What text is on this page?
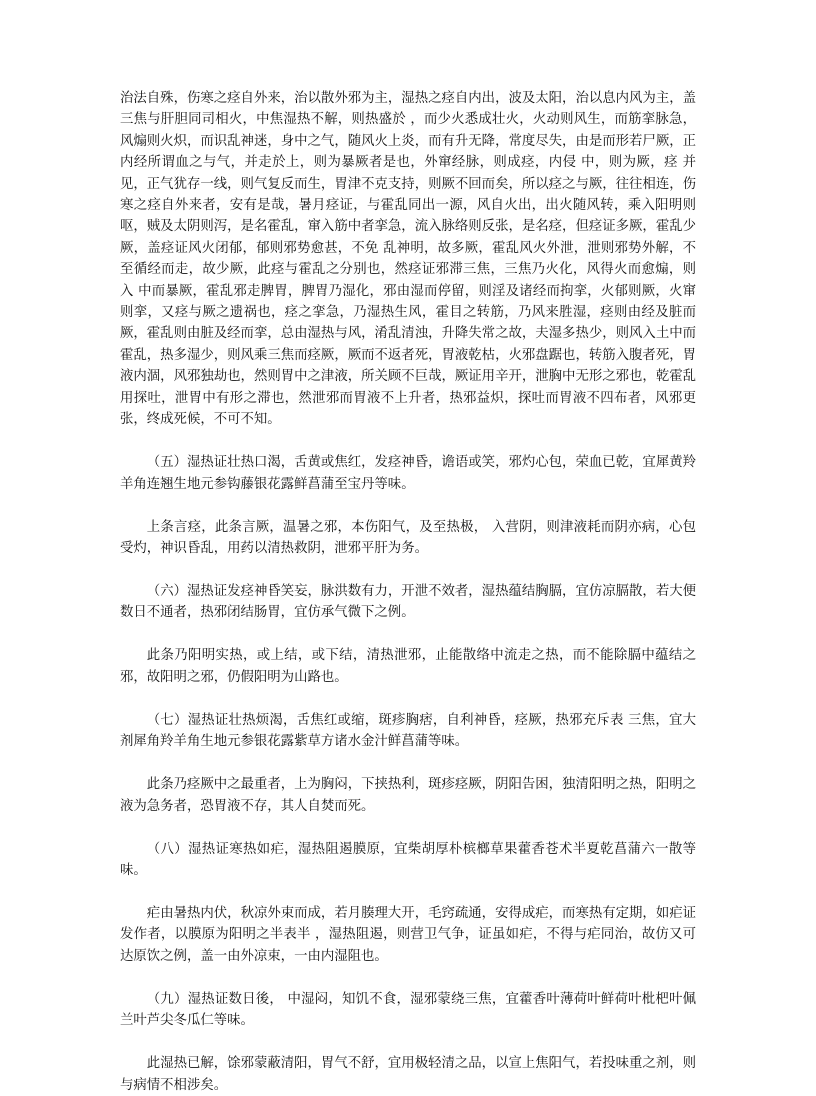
治法自殊，伤寒之痉自外来，治以散外邪为主，湿热之痉自内出，波及太阳，治以息内风为主，盖三焦与肝胆同司相火，中焦湿热不解，则热盛於 ，而少火悉成壮火，火动则风生，而筋挛脉急，风煽则火炽，而识乱神迷，身中之气，随风火上炎，而有升无降，常度尽失，由是而形若尸厥，正内经所谓血之与气，并走於上，则为暴厥者是也，外窜经脉，则成痉，内侵 中，则为厥，痉 并见，正气犹存一线，则气复反而生，胃津不克支持，则厥不回而矣，所以痉之与厥，往往相连，伤寒之痉自外来者，安有是哉，暑月痉证，与霍乱同出一源，风自火出，出火随风转，乘入阳明则呕，贼及太阴则泻，是名霍乱，窜入筋中者挛急，流入脉络则反张，是名痉，但痉证多厥，霍乱少厥，盖痉证风火闭郁，郁则邪势愈甚，不免 乱神明，故多厥，霍乱风火外泄，泄则邪势外解，不至循经而走，故少厥，此痉与霍乱之分别也，然痉证邪滞三焦，三焦乃火化，风得火而愈煽，则 入 中而暴厥，霍乱邪走脾胃，脾胃乃湿化，邪由湿而停留，则淫及诸经而拘挛，火郁则厥，火窜则挛，又痉与厥之遗祸也，痉之挛急，乃湿热生风，霍目之转筋，乃风来胜湿，痉则由经及脏而厥，霍乱则由脏及经而挛，总由湿热与风，淆乱清浊，升降失常之故，夫湿多热少，则风入土中而霍乱，热多湿少，则风乘三焦而痉厥，厥而不返者死，胃液乾枯，火邪盘踞也，转筋入腹者死，胃液内涸，风邪独劫也，然则胃中之津液，所关顾不巨哉，厥证用辛开，泄胸中无形之邪也，乾霍乱用探吐，泄胃中有形之滞也，然泄邪而胃液不上升者，热邪益炽，探吐而胃液不四布者，风邪更张，终成死候，不可不知。

（五）湿热证壮热口渴，舌黄或焦红，发痉神昏，谵语或笑，邪灼心包，荣血已乾，宜犀黄羚羊角连翘生地元参钩藤银花露鲜菖蒲至宝丹等味。

上条言痉，此条言厥，温暑之邪，本伤阳气，及至热极， 入营阴，则津液耗而阴亦病，心包受灼，神识昏乱，用药以清热救阴，泄邪平肝为务。

（六）湿热证发痉神昏笑妄，脉洪数有力，开泄不效者，湿热蕴结胸膈，宜仿凉膈散，若大便数日不通者，热邪闭结肠胃，宜仿承气微下之例。

此条乃阳明实热，或上结，或下结，清热泄邪，止能散络中流走之热，而不能除膈中蕴结之邪，故阳明之邪，仍假阳明为山路也。

（七）湿热证壮热烦渴，舌焦红或缩，斑疹胸痞，自利神昏，痉厥，热邪充斥表 三焦，宜大剂犀角羚羊角生地元参银花露紫草方诸水金汁鲜菖蒲等味。

此条乃痉厥中之最重者，上为胸闷，下挟热利，斑疹痉厥，阴阳告困，独清阳明之热，阳明之液为急务者，恐胃液不存，其人自焚而死。

（八）湿热证寒热如疟，湿热阻遏膜原，宜柴胡厚朴槟榔草果藿香苍术半夏乾菖蒲六一散等味。

疟由暑热内伏，秋凉外束而成，若月腠理大开，毛窍疏通，安得成疟，而寒热有定期，如疟证发作者，以膜原为阳明之半表半 ，湿热阻遏，则营卫气争，证虽如疟，不得与疟同治，故仿又可达原饮之例，盖一由外凉束，一由内湿阻也。

（九）湿热证数日後， 中湿闷，知饥不食，湿邪蒙绕三焦，宜藿香叶薄荷叶鲜荷叶枇杷叶佩兰叶芦尖冬瓜仁等味。

此湿热已解，馀邪蒙蔽清阳，胃气不舒，宜用极轻清之品，以宣上焦阳气，若投味重之剂，则与病情不相涉矣。
